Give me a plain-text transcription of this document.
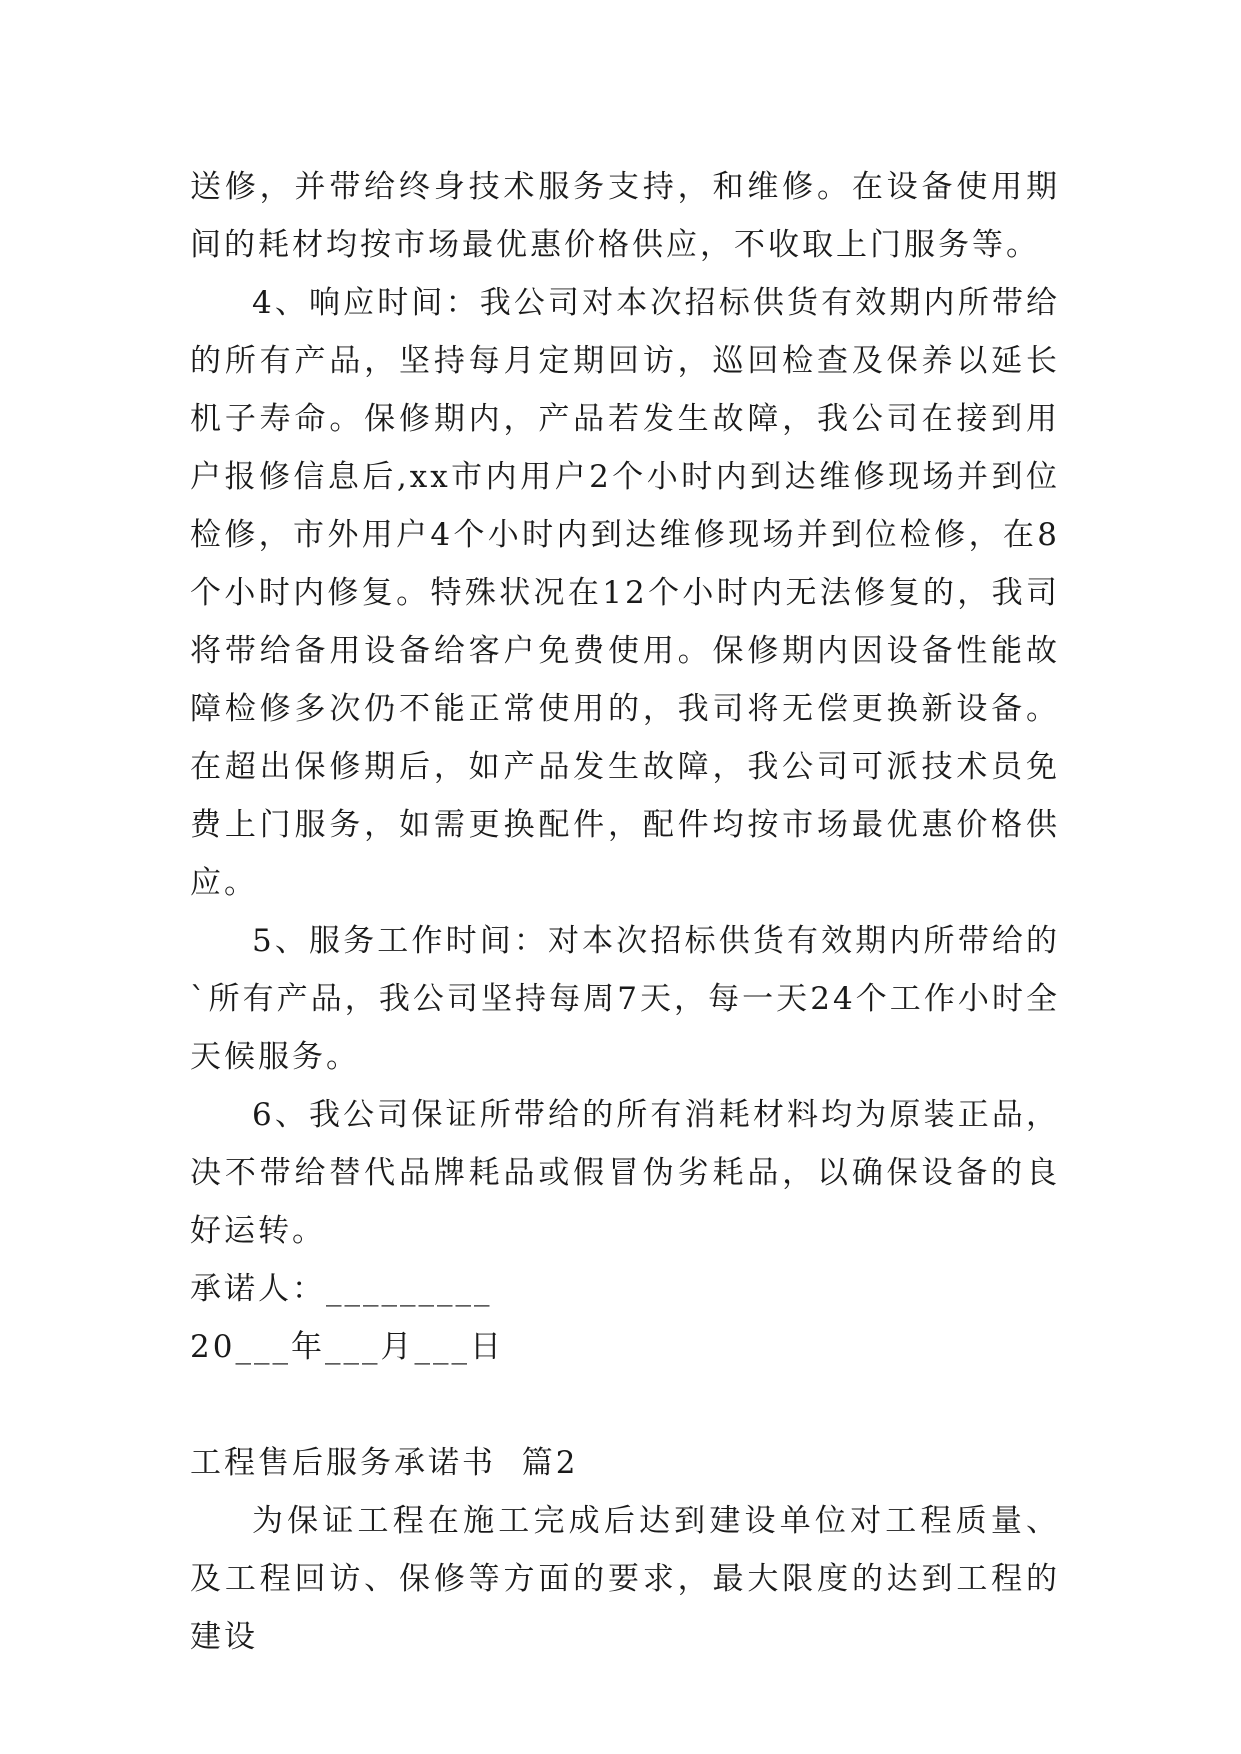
送修，并带给终身技术服务支持，和维修。在设备使用期间的耗材均按市场最优惠价格供应，不收取上门服务等。

4、响应时间：我公司对本次招标供货有效期内所带给的所有产品，坚持每月定期回访，巡回检查及保养以延长机子寿命。保修期内，产品若发生故障，我公司在接到用户报修信息后,xx市内用户2个小时内到达维修现场并到位检修，市外用户4个小时内到达维修现场并到位检修，在8个小时内修复。特殊状况在12个小时内无法修复的，我司将带给备用设备给客户免费使用。保修期内因设备性能故障检修多次仍不能正常使用的，我司将无偿更换新设备。在超出保修期后，如产品发生故障，我公司可派技术员免费上门服务，如需更换配件，配件均按市场最优惠价格供应。

5、服务工作时间：对本次招标供货有效期内所带给的`所有产品，我公司坚持每周7天，每一天24个工作小时全天候服务。

6、我公司保证所带给的所有消耗材料均为原装正品，决不带给替代品牌耗品或假冒伪劣耗品，以确保设备的良好运转。

承诺人：_________

20___年___月___日

工程售后服务承诺书  篇2

为保证工程在施工完成后达到建设单位对工程质量、及工程回访、保修等方面的要求，最大限度的达到工程的建设
